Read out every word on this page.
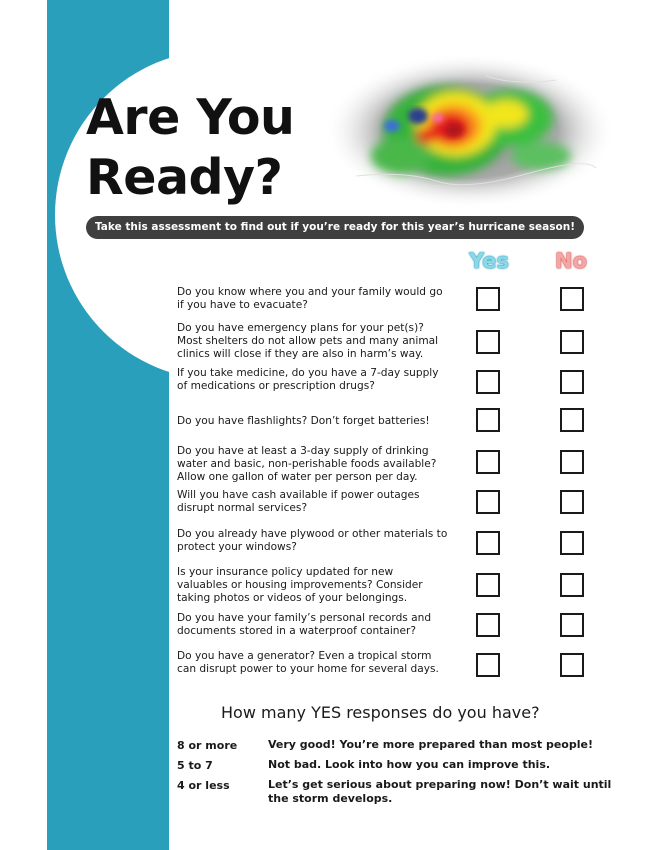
Are You
Ready?
Take this assessment to find out if you’re ready for this year’s hurricane season!
Yes No
Do you know where you and your family would go
if you have to evacuate?
Do you have emergency plans for your pet(s)?
Most shelters do not allow pets and many animal
clinics will close if they are also in harm’s way.
If you take medicine, do you have a 7-day supply
of medications or prescription drugs?
Do you have flashlights? Don’t forget batteries!
Do you have at least a 3-day supply of drinking
water and basic, non-perishable foods available?
Allow one gallon of water per person per day.
Will you have cash available if power outages
disrupt normal services?
Do you already have plywood or other materials to
protect your windows?
Is your insurance policy updated for new
valuables or housing improvements? Consider
taking photos or videos of your belongings.
Do you have your family’s personal records and
documents stored in a waterproof container?
Do you have a generator? Even a tropical storm
can disrupt power to your home for several days.
How many YES responses do you have?
8 or more	Very good! You’re more prepared than most people!
5 to 7	Not bad. Look into how you can improve this.
4 or less	Let’s get serious about preparing now! Don’t wait until the storm develops.
